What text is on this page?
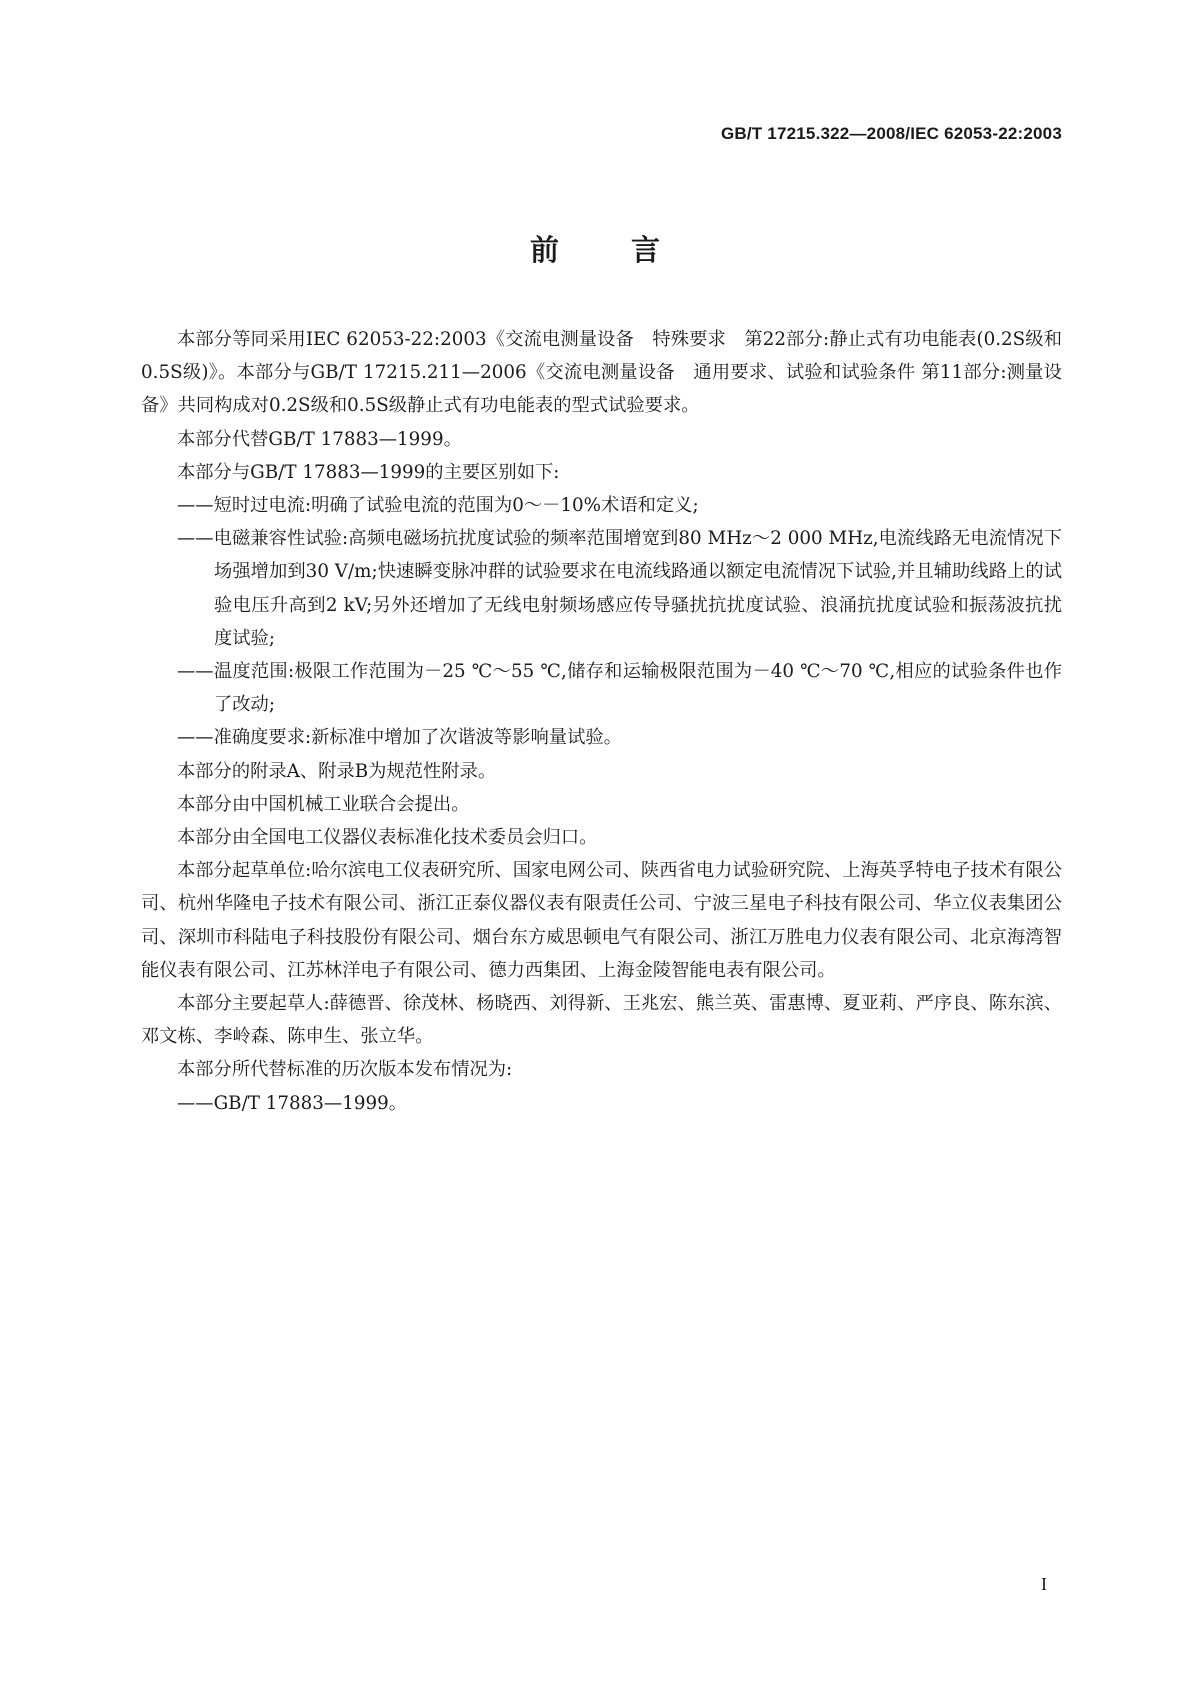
GB/T 17215.322—2008/IEC 62053-22:2003
前 言

本部分等同采用IEC 62053-22:2003《交流电测量设备　特殊要求　第22部分:静止式有功电能表(0.2S级和0.5S级)》。本部分与GB/T 17215.211—2006《交流电测量设备　通用要求、试验和试验条件 第11部分:测量设备》共同构成对0.2S级和0.5S级静止式有功电能表的型式试验要求。

本部分代替GB/T 17883—1999。

本部分与GB/T 17883—1999的主要区别如下:

——短时过电流:明确了试验电流的范围为0～－10%术语和定义;

——电磁兼容性试验:高频电磁场抗扰度试验的频率范围增宽到80 MHz～2 000 MHz,电流线路无电流情况下场强增加到30 V/m;快速瞬变脉冲群的试验要求在电流线路通以额定电流情况下试验,并且辅助线路上的试验电压升高到2 kV;另外还增加了无线电射频场感应传导骚扰抗扰度试验、浪涌抗扰度试验和振荡波抗扰度试验;

——温度范围:极限工作范围为－25 ℃～55 ℃,储存和运输极限范围为－40 ℃～70 ℃,相应的试验条件也作了改动;

——准确度要求:新标准中增加了次谐波等影响量试验。

本部分的附录A、附录B为规范性附录。

本部分由中国机械工业联合会提出。

本部分由全国电工仪器仪表标准化技术委员会归口。

本部分起草单位:哈尔滨电工仪表研究所、国家电网公司、陕西省电力试验研究院、上海英孚特电子技术有限公司、杭州华隆电子技术有限公司、浙江正泰仪器仪表有限责任公司、宁波三星电子科技有限公司、华立仪表集团公司、深圳市科陆电子科技股份有限公司、烟台东方威思顿电气有限公司、浙江万胜电力仪表有限公司、北京海湾智能仪表有限公司、江苏林洋电子有限公司、德力西集团、上海金陵智能电表有限公司。

本部分主要起草人:薛德晋、徐茂林、杨晓西、刘得新、王兆宏、熊兰英、雷惠博、夏亚莉、严序良、陈东滨、邓文栋、李岭森、陈申生、张立华。

本部分所代替标准的历次版本发布情况为:

——GB/T 17883—1999。

I
